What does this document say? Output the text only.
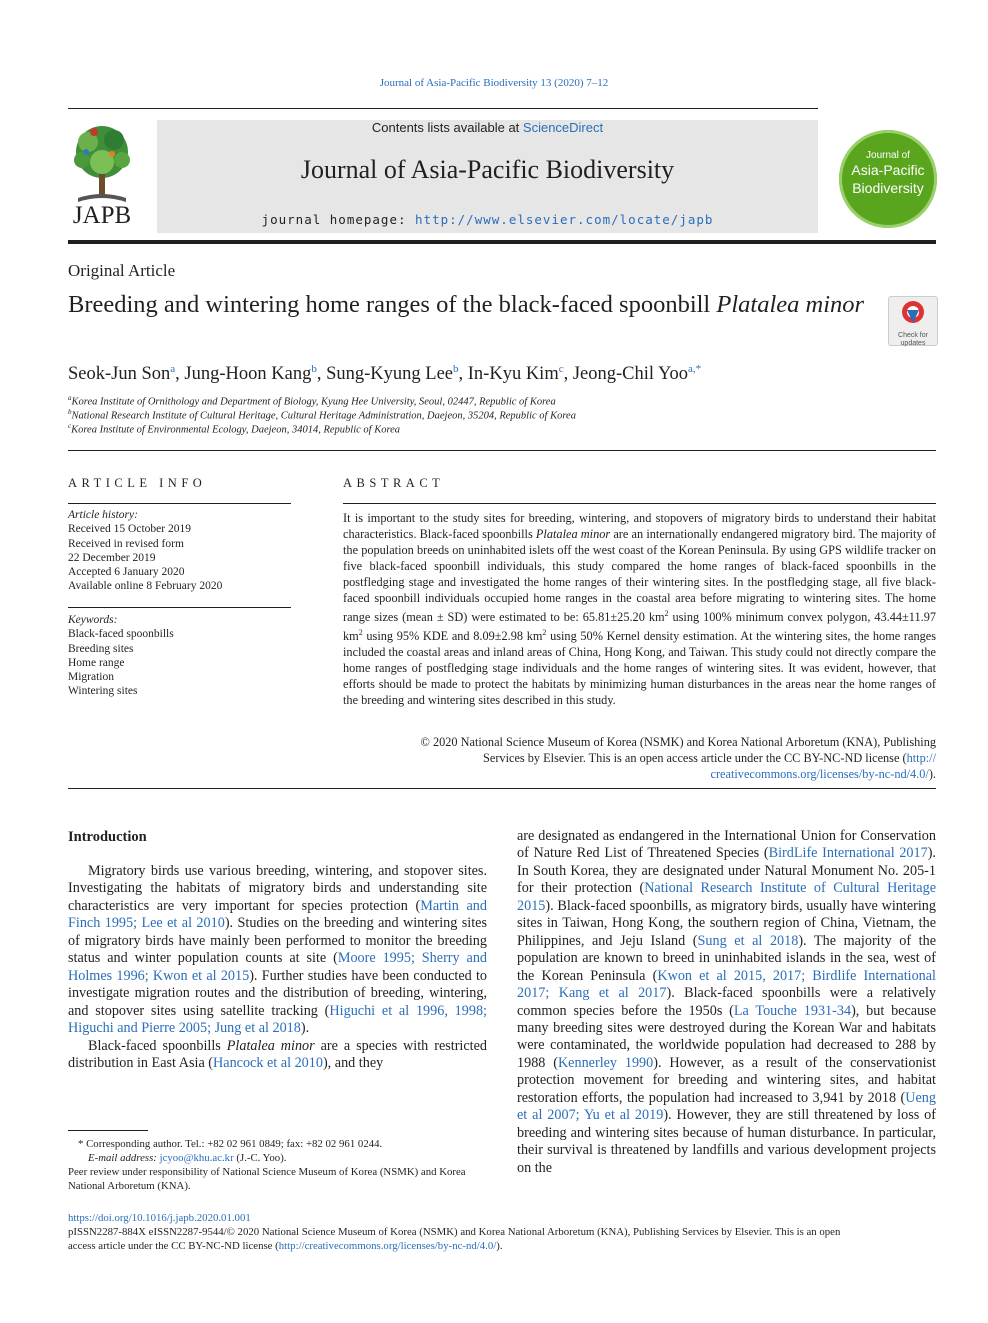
Journal of Asia-Pacific Biodiversity 13 (2020) 7–12
JAPB
Contents lists available at ScienceDirect
Journal of Asia-Pacific Biodiversity
journal homepage: http://www.elsevier.com/locate/japb
Journal of
Asia-Pacific
Biodiversity
Original Article
Breeding and wintering home ranges of the black-faced spoonbill Platalea minor
Check for
updates
Seok-Jun Son$^a$, Jung-Hoon Kang$^b$, Sung-Kyung Lee$^b$, In-Kyu Kim$^c$, Jeong-Chil Yoo$^{a,*}$
$^a$Korea Institute of Ornithology and Department of Biology, Kyung Hee University, Seoul, 02447, Republic of Korea
$^b$National Research Institute of Cultural Heritage, Cultural Heritage Administration, Daejeon, 35204, Republic of Korea
$^c$Korea Institute of Environmental Ecology, Daejeon, 34014, Republic of Korea
ARTICLE INFO
Article history:
Received 15 October 2019
Received in revised form
22 December 2019
Accepted 6 January 2020
Available online 8 February 2020
Keywords:
Black-faced spoonbills
Breeding sites
Home range
Migration
Wintering sites
ABSTRACT
It is important to the study sites for breeding, wintering, and stopovers of migratory birds to understand their habitat characteristics. Black-faced spoonbills Platalea minor are an internationally endangered migratory bird. The majority of the population breeds on uninhabited islets off the west coast of the Korean Peninsula. By using GPS wildlife tracker on five black-faced spoonbill individuals, this study compared the home ranges of black-faced spoonbills in the postfledging stage and investigated the home ranges of their wintering sites. In the postfledging stage, all five black-faced spoonbill individuals occupied home ranges in the coastal area before migrating to wintering sites. The home range sizes (mean ± SD) were estimated to be: 65.81±25.20 $km^2$ using 100% minimum convex polygon, 43.44±11.97 $km^2$ using 95% KDE and 8.09±2.98 $km^2$ using 50% Kernel density estimation. At the wintering sites, the home ranges included the coastal areas and inland areas of China, Hong Kong, and Taiwan. This study could not directly compare the home ranges of postfledging stage individuals and the home ranges of wintering sites. It was evident, however, that efforts should be made to protect the habitats by minimizing human disturbances in the areas near the home ranges of the breeding and wintering sites described in this study.
© 2020 National Science Museum of Korea (NSMK) and Korea National Arboretum (KNA), Publishing
Services by Elsevier. This is an open access article under the CC BY-NC-ND license (http://
creativecommons.org/licenses/by-nc-nd/4.0/).
Introduction

Migratory birds use various breeding, wintering, and stopover sites. Investigating the habitats of migratory birds and understanding site characteristics are very important for species protection (Martin and Finch 1995; Lee et al 2010). Studies on the breeding and wintering sites of migratory birds have mainly been performed to monitor the breeding status and winter population counts at site (Moore 1995; Sherry and Holmes 1996; Kwon et al 2015). Further studies have been conducted to investigate migration routes and the distribution of breeding, wintering, and stopover sites using satellite tracking (Higuchi et al 1996, 1998; Higuchi and Pierre 2005; Jung et al 2018).

Black-faced spoonbills Platalea minor are a species with restricted distribution in East Asia (Hancock et al 2010), and they

are designated as endangered in the International Union for Conservation of Nature Red List of Threatened Species (BirdLife International 2017). In South Korea, they are designated under Natural Monument No. 205-1 for their protection (National Research Institute of Cultural Heritage 2015). Black-faced spoonbills, as migratory birds, usually have wintering sites in Taiwan, Hong Kong, the southern region of China, Vietnam, the Philippines, and Jeju Island (Sung et al 2018). The majority of the population are known to breed in uninhabited islands in the sea, west of the Korean Peninsula (Kwon et al 2015, 2017; Birdlife International 2017; Kang et al 2017). Black-faced spoonbills were a relatively common species before the 1950s (La Touche 1931-34), but because many breeding sites were destroyed during the Korean War and habitats were contaminated, the worldwide population had decreased to 288 by 1988 (Kennerley 1990). However, as a result of the conservationist protection movement for breeding and wintering sites, and habitat restoration efforts, the population had increased to 3,941 by 2018 (Ueng et al 2007; Yu et al 2019). However, they are still threatened by loss of breeding and wintering sites because of human disturbance. In particular, their survival is threatened by landfills and various development projects on the

* Corresponding author. Tel.: +82 02 961 0849; fax: +82 02 961 0244.
E-mail address: jcyoo@khu.ac.kr (J.-C. Yoo).
Peer review under responsibility of National Science Museum of Korea (NSMK) and Korea National Arboretum (KNA).
https://doi.org/10.1016/j.japb.2020.01.001
pISSN2287-884X eISSN2287-9544/© 2020 National Science Museum of Korea (NSMK) and Korea National Arboretum (KNA), Publishing Services by Elsevier. This is an open
access article under the CC BY-NC-ND license (http://creativecommons.org/licenses/by-nc-nd/4.0/).
